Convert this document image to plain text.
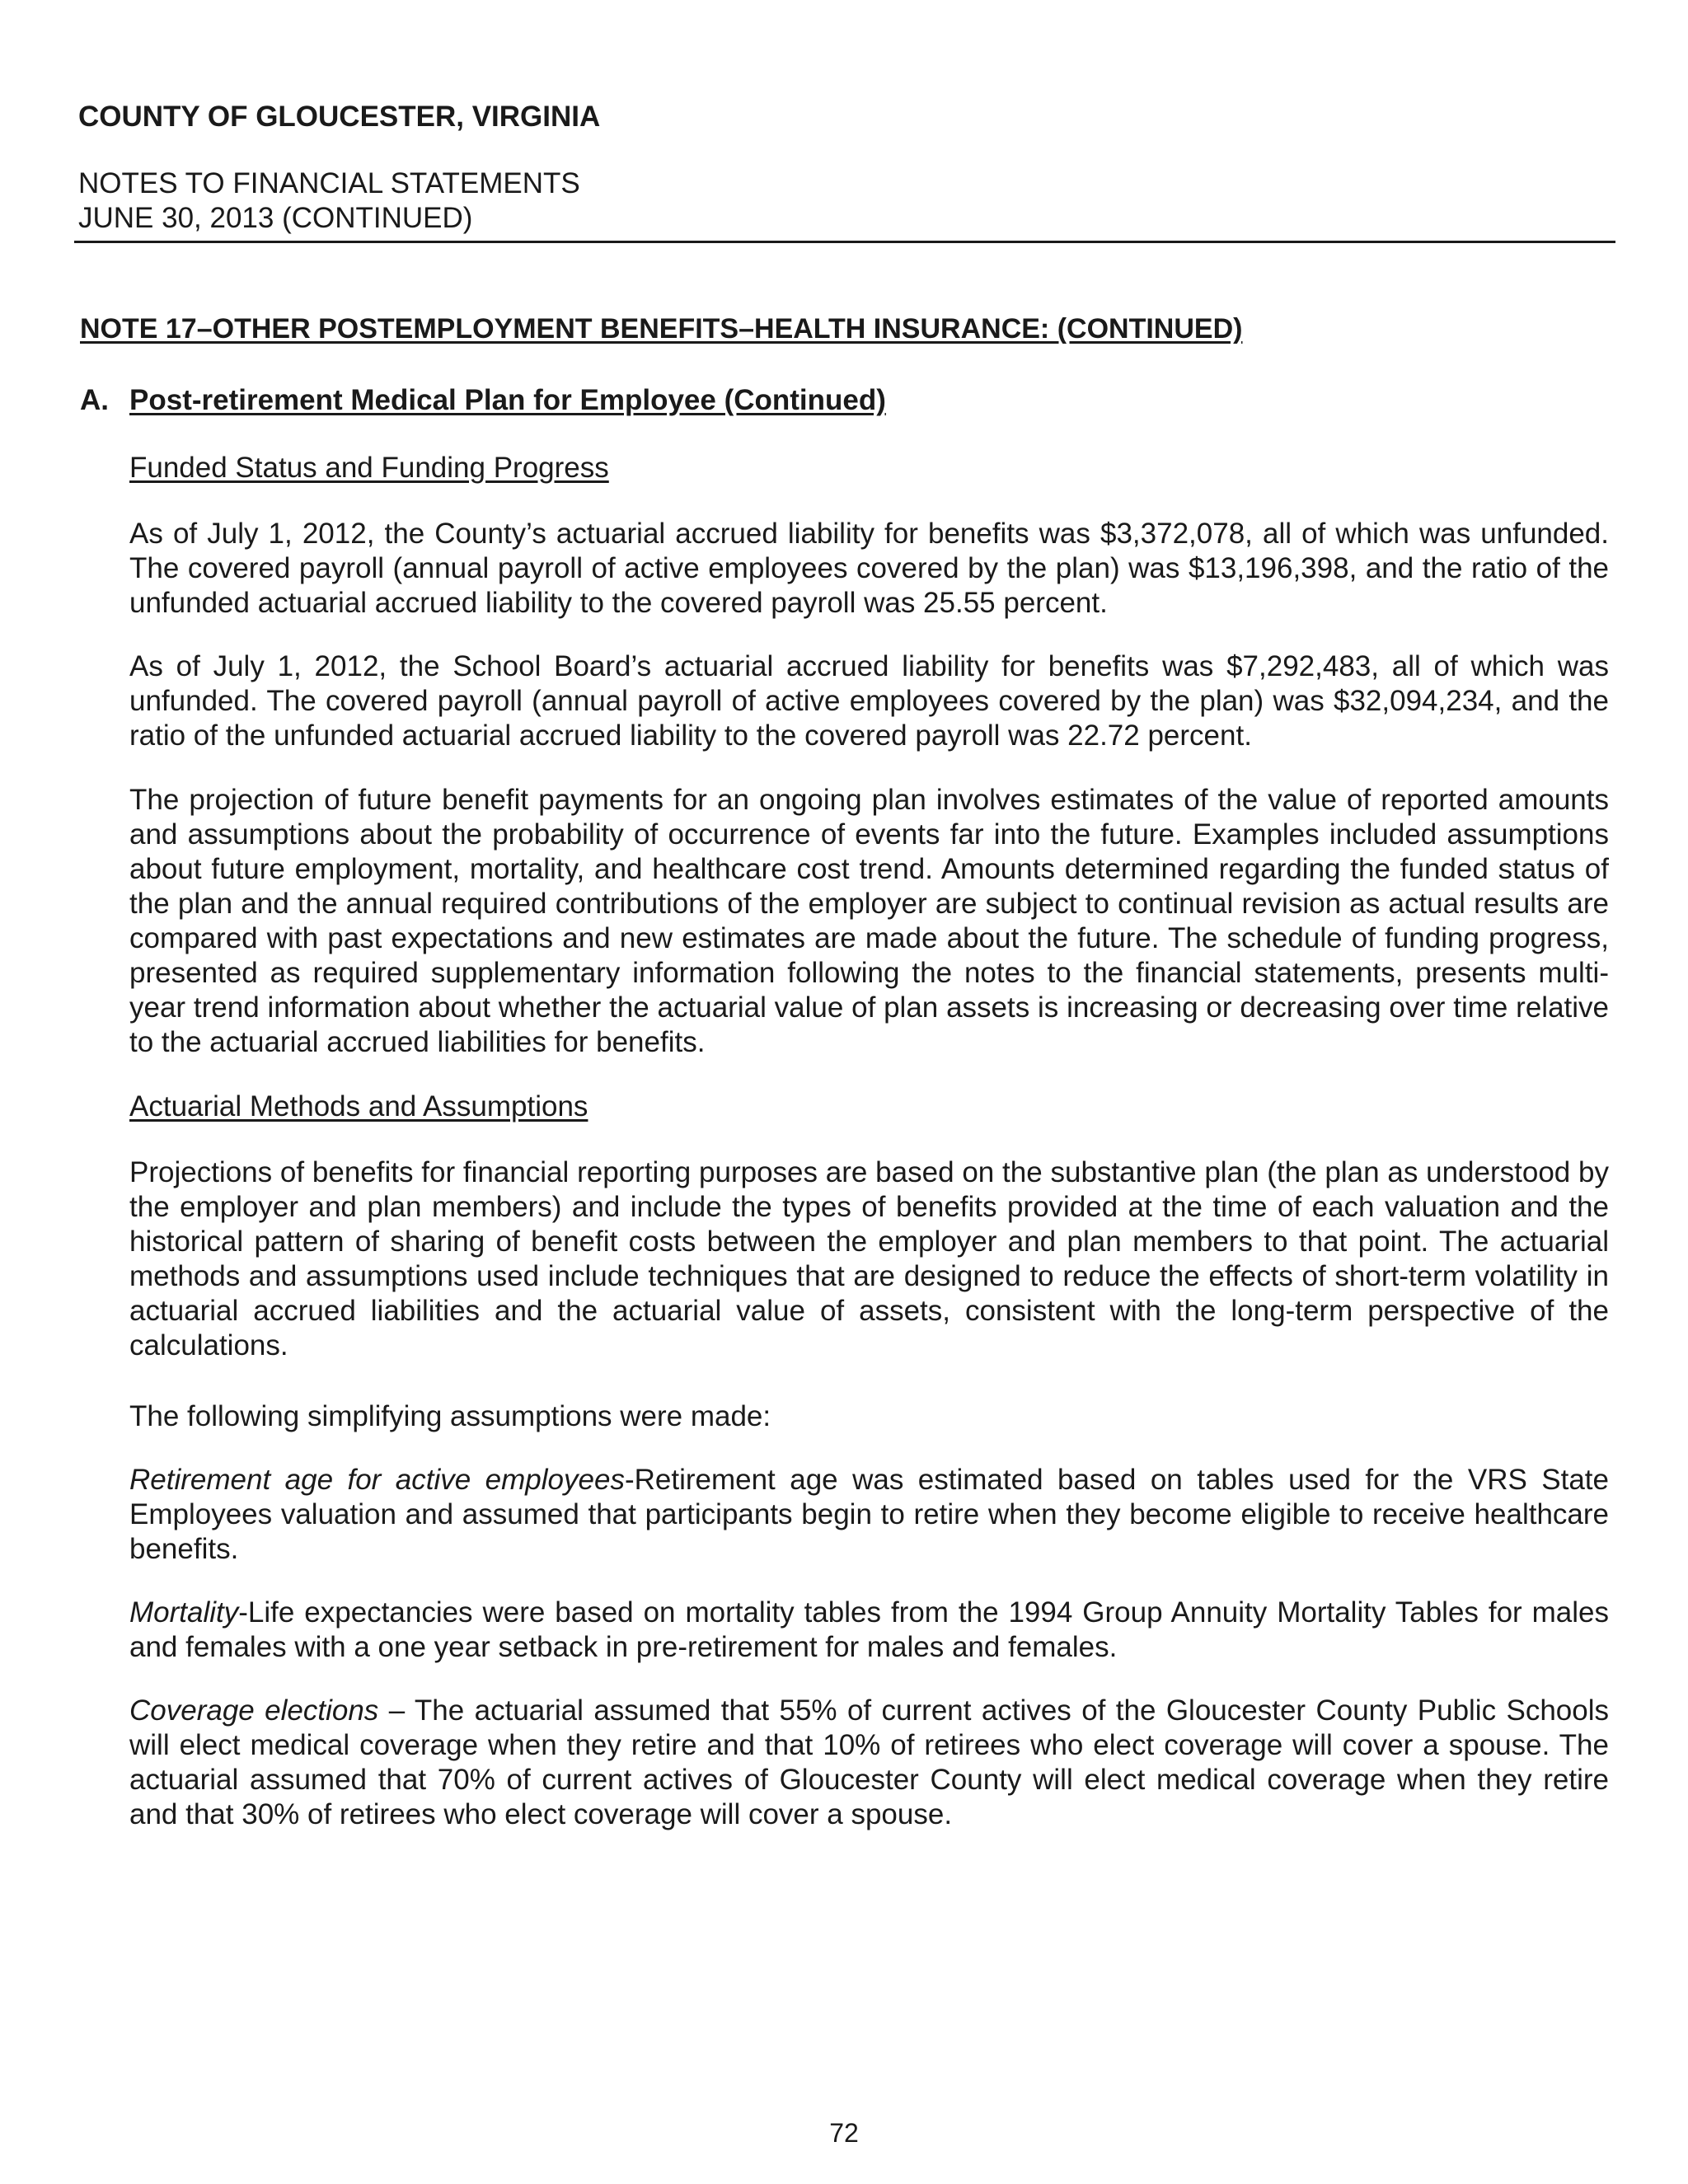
COUNTY OF GLOUCESTER, VIRGINIA

NOTES TO FINANCIAL STATEMENTS

JUNE 30, 2013 (CONTINUED)

NOTE 17–OTHER POSTEMPLOYMENT BENEFITS–HEALTH INSURANCE: (CONTINUED)

A. Post-retirement Medical Plan for Employee (Continued)

Funded Status and Funding Progress

As of July 1, 2012, the County’s actuarial accrued liability for benefits was $3,372,078, all of which was unfunded. The covered payroll (annual payroll of active employees covered by the plan) was $13,196,398, and the ratio of the unfunded actuarial accrued liability to the covered payroll was 25.55 percent.

As of July 1, 2012, the School Board’s actuarial accrued liability for benefits was $7,292,483, all of which was unfunded. The covered payroll (annual payroll of active employees covered by the plan) was $32,094,234, and the ratio of the unfunded actuarial accrued liability to the covered payroll was 22.72 percent.

The projection of future benefit payments for an ongoing plan involves estimates of the value of reported amounts and assumptions about the probability of occurrence of events far into the future. Examples included assumptions about future employment, mortality, and healthcare cost trend. Amounts determined regarding the funded status of the plan and the annual required contributions of the employer are subject to continual revision as actual results are compared with past expectations and new estimates are made about the future. The schedule of funding progress, presented as required supplementary information following the notes to the financial statements, presents multi-year trend information about whether the actuarial value of plan assets is increasing or decreasing over time relative to the actuarial accrued liabilities for benefits.

Actuarial Methods and Assumptions

Projections of benefits for financial reporting purposes are based on the substantive plan (the plan as understood by the employer and plan members) and include the types of benefits provided at the time of each valuation and the historical pattern of sharing of benefit costs between the employer and plan members to that point. The actuarial methods and assumptions used include techniques that are designed to reduce the effects of short-term volatility in actuarial accrued liabilities and the actuarial value of assets, consistent with the long-term perspective of the calculations.

The following simplifying assumptions were made:

Retirement age for active employees-Retirement age was estimated based on tables used for the VRS State Employees valuation and assumed that participants begin to retire when they become eligible to receive healthcare benefits.

Mortality-Life expectancies were based on mortality tables from the 1994 Group Annuity Mortality Tables for males and females with a one year setback in pre-retirement for males and females.

Coverage elections – The actuarial assumed that 55% of current actives of the Gloucester County Public Schools will elect medical coverage when they retire and that 10% of retirees who elect coverage will cover a spouse. The actuarial assumed that 70% of current actives of Gloucester County will elect medical coverage when they retire and that 30% of retirees who elect coverage will cover a spouse.

72
